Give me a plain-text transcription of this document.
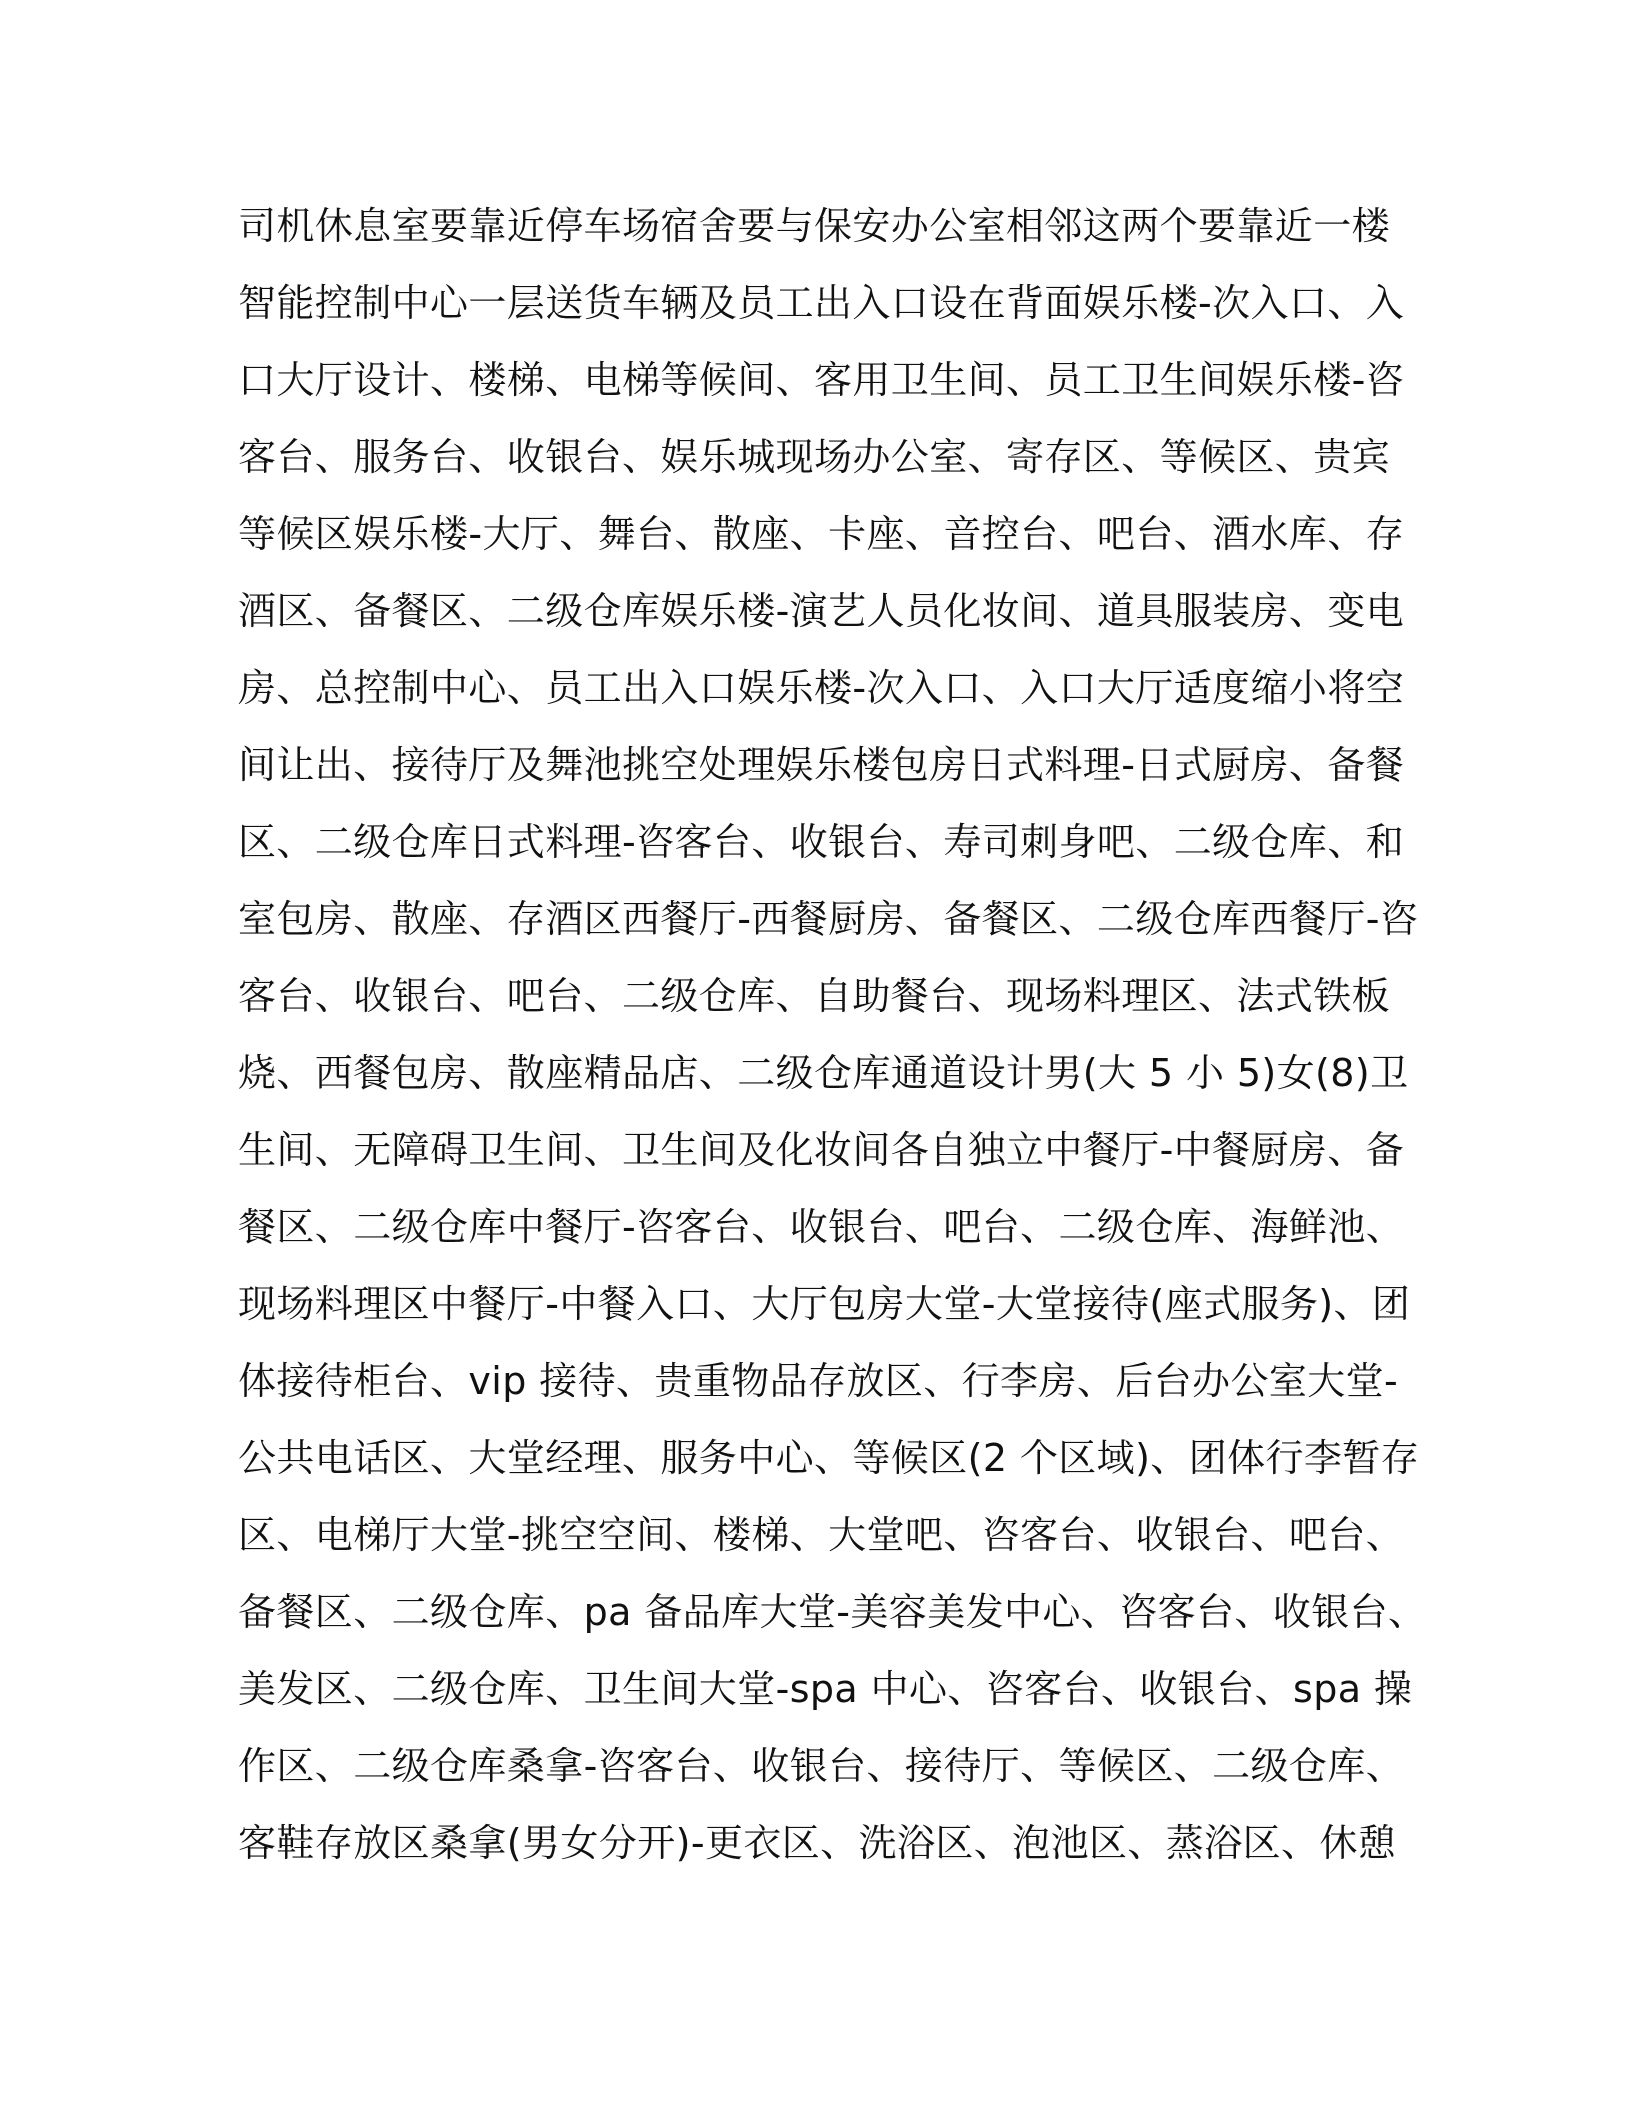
司机休息室要靠近停车场宿舍要与保安办公室相邻这两个要靠近一楼
智能控制中心一层送货车辆及员工出入口设在背面娱乐楼-次入口、入
口大厅设计、楼梯、电梯等候间、客用卫生间、员工卫生间娱乐楼-咨
客台、服务台、收银台、娱乐城现场办公室、寄存区、等候区、贵宾
等候区娱乐楼-大厅、舞台、散座、卡座、音控台、吧台、酒水库、存
酒区、备餐区、二级仓库娱乐楼-演艺人员化妆间、道具服装房、变电
房、总控制中心、员工出入口娱乐楼-次入口、入口大厅适度缩小将空
间让出、接待厅及舞池挑空处理娱乐楼包房日式料理-日式厨房、备餐
区、二级仓库日式料理-咨客台、收银台、寿司刺身吧、二级仓库、和
室包房、散座、存酒区西餐厅-西餐厨房、备餐区、二级仓库西餐厅-咨
客台、收银台、吧台、二级仓库、自助餐台、现场料理区、法式铁板
烧、西餐包房、散座精品店、二级仓库通道设计男(大 5 小 5)女(8)卫
生间、无障碍卫生间、卫生间及化妆间各自独立中餐厅-中餐厨房、备
餐区、二级仓库中餐厅-咨客台、收银台、吧台、二级仓库、海鲜池、
现场料理区中餐厅-中餐入口、大厅包房大堂-大堂接待(座式服务)、团
体接待柜台、vip 接待、贵重物品存放区、行李房、后台办公室大堂-
公共电话区、大堂经理、服务中心、等候区(2 个区域)、团体行李暂存
区、电梯厅大堂-挑空空间、楼梯、大堂吧、咨客台、收银台、吧台、
备餐区、二级仓库、pa 备品库大堂-美容美发中心、咨客台、收银台、
美发区、二级仓库、卫生间大堂-spa 中心、咨客台、收银台、spa 操
作区、二级仓库桑拿-咨客台、收银台、接待厅、等候区、二级仓库、
客鞋存放区桑拿(男女分开)-更衣区、洗浴区、泡池区、蒸浴区、休憩
